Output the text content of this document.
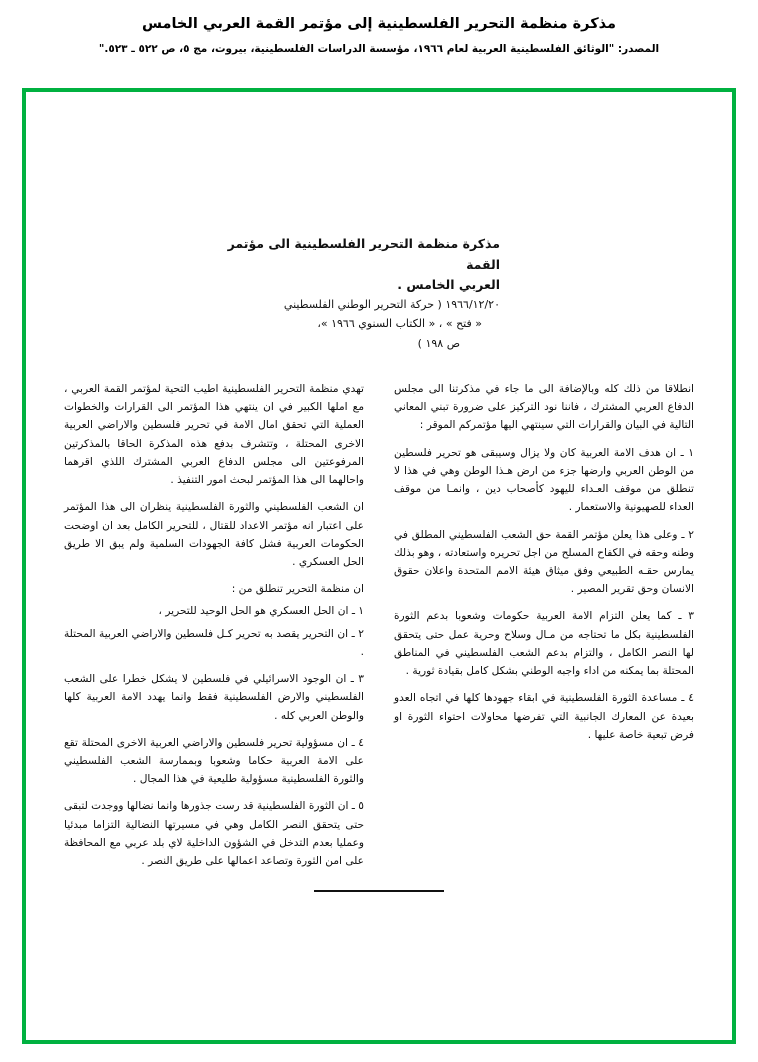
مذكرة منظمة التحرير الفلسطينية إلى مؤتمر القمة العربي الخامس
المصدر: "الوثائق الفلسطينية العربية لعام ١٩٦٦، مؤسسة الدراسات الفلسطينية، بيروت، مج ٥، ص ٥٢٢ ـ ٥٢٣."
مذكرة منظمة التحرير الفلسطينية الى مؤتمر القمة
العربي الخامس .
١٩٦٦/١٢/٢٠ ( حركة التحرير الوطني الفلسطيني
« فتح » ، « الكتاب السنوي ١٩٦٦ »،
ص ١٩٨ )

انطلاقا من ذلك كله وبالإضافة الى ما جاء في مذكرتنا الى مجلس الدفاع العربي المشترك ، فاننا نود التركيز على ضرورة تبني المعاني التالية في البيان والقرارات التي سينتهي اليها مؤتمركم الموقر :

١ ـ ان هدف الامة العربية كان ولا يزال وسيبقى هو تحرير فلسطين من الوطن العربي وارضها جزء من ارض هـذا الوطن وهي في هذا لا تنطلق من موقف العـداء لليهود كأصحاب دين ، وانمـا من موقف العداء للصهيونية والاستعمار .

٢ ـ وعلى هذا يعلن مؤتمر القمة حق الشعب الفلسطيني المطلق في وطنه وحقه في الكفاح المسلح من اجل تحريره واستعادته ، وهو بذلك يمارس حقـه الطبيعي وفق ميثاق هيئة الامم المتحدة واعلان حقوق الانسان وحق تقرير المصير .

٣ ـ كما يعلن التزام الامة العربية حكومات وشعوبا بدعم الثورة الفلسطينية بكل ما تحتاجه من مـال وسلاح وحرية عمل حتى يتحقق لها النصر الكامل ، والتزام بدعم الشعب الفلسطيني في المناطق المحتلة بما يمكنه من اداء واجبه الوطني بشكل كامل بقيادة ثورية .

٤ ـ مساعدة الثورة الفلسطينية في ابقاء جهودها كلها في اتجاه العدو بعيدة عن المعارك الجانبية التي تفرضها محاولات احتواء الثورة او فرض تبعية خاصة عليها .

تهدي منظمة التحرير الفلسطينية اطيب التحية لمؤتمر القمة العربي ، مع املها الكبير في ان ينتهي هذا المؤتمر الى القرارات والخطوات العملية التي تحقق امال الامة في تحرير فلسطين والاراضي العربية الاخرى المحتلة ، وتتشرف بدفع هذه المذكرة الحاقا بالمذكرتين المرفوعتين الى مجلس الدفاع العربي المشترك اللذي اقرهما واحالهما الى هذا المؤتمر لبحث امور التنفيذ .

ان الشعب الفلسطيني والثورة الفلسطينية ينظران الى هذا المؤتمر على اعتبار انه مؤتمر الاعداد للقتال ، للتحرير الكامل بعد ان اوضحت الحكومات العربية فشل كافة الجهودات السلمية ولم يبق الا طريق الحل العسكري .

ان منظمة التحرير تنطلق من :

١ ـ ان الحل العسكري هو الحل الوحيد للتحرير ،

٢ ـ ان التحرير يقصد به تحرير كـل فلسطين والاراضي العربية المحتلة .

٣ ـ ان الوجود الاسرائيلي في فلسطين لا يشكل خطرا على الشعب الفلسطيني والارض الفلسطينية فقط وانما يهدد الامة العربية كلها والوطن العربي كله .

٤ ـ ان مسؤولية تحرير فلسطين والاراضي العربية الاخرى المحتلة تقع على الامة العربية حكاما وشعوبا وبممارسة الشعب الفلسطيني والثورة الفلسطينية مسؤولية طليعية في هذا المجال .

٥ ـ ان الثورة الفلسطينية قد رست جذورها وانما نضالها ووجدت لتبقى حتى يتحقق النصر الكامل وهي في مسيرتها النضالية التزاما مبدئيا وعمليا بعدم التدخل في الشؤون الداخلية لاي بلد عربي مع المحافظة على امن الثورة وتصاعد اعمالها على طريق النصر .
